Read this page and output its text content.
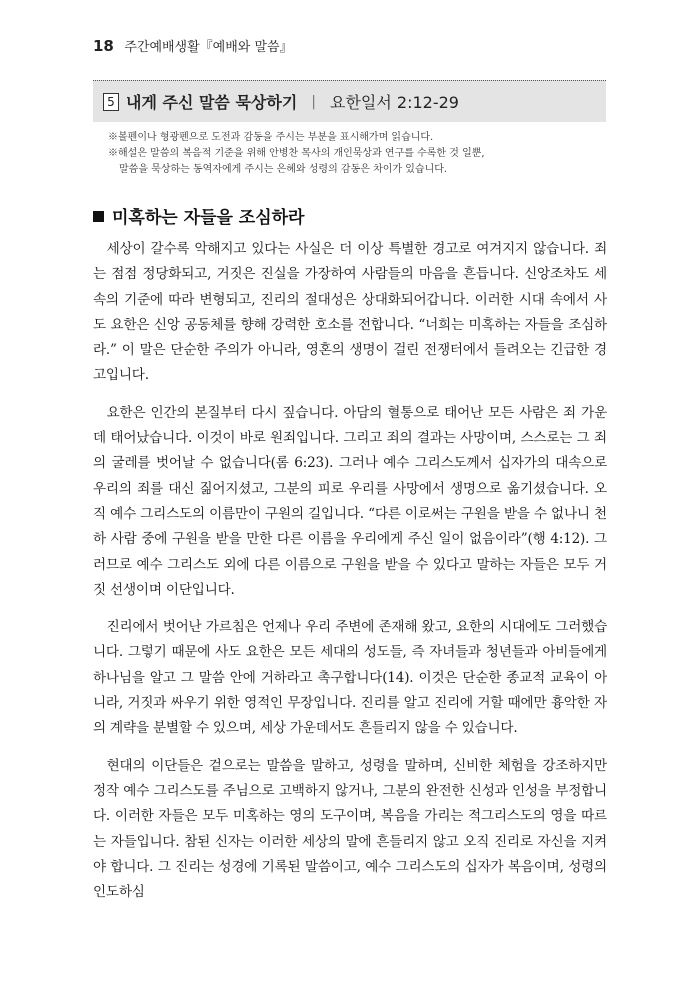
18 주간예배생활『예배와 말씀』
5 내게 주신 말씀 묵상하기 | 요한일서 2:12-29
※볼펜이나 형광펜으로 도전과 감동을 주시는 부분을 표시해가며 읽습니다.
※해설은 말씀의 복음적 기준을 위해 안병찬 목사의 개인묵상과 연구를 수록한 것 일뿐,
말씀을 묵상하는 동역자에게 주시는 은혜와 성령의 감동은 차이가 있습니다.
미혹하는 자들을 조심하라

세상이 갈수록 악해지고 있다는 사실은 더 이상 특별한 경고로 여겨지지 않습니다. 죄는 점점 정당화되고, 거짓은 진실을 가장하여 사람들의 마음을 흔듭니다. 신앙조차도 세속의 기준에 따라 변형되고, 진리의 절대성은 상대화되어갑니다. 이러한 시대 속에서 사도 요한은 신앙 공동체를 향해 강력한 호소를 전합니다. “너희는 미혹하는 자들을 조심하라.” 이 말은 단순한 주의가 아니라, 영혼의 생명이 걸린 전쟁터에서 들려오는 긴급한 경고입니다.

요한은 인간의 본질부터 다시 짚습니다. 아담의 혈통으로 태어난 모든 사람은 죄 가운데 태어났습니다. 이것이 바로 원죄입니다. 그리고 죄의 결과는 사망이며, 스스로는 그 죄의 굴레를 벗어날 수 없습니다(롬 6:23). 그러나 예수 그리스도께서 십자가의 대속으로 우리의 죄를 대신 짊어지셨고, 그분의 피로 우리를 사망에서 생명으로 옮기셨습니다. 오직 예수 그리스도의 이름만이 구원의 길입니다. “다른 이로써는 구원을 받을 수 없나니 천하 사람 중에 구원을 받을 만한 다른 이름을 우리에게 주신 일이 없음이라”(행 4:12). 그러므로 예수 그리스도 외에 다른 이름으로 구원을 받을 수 있다고 말하는 자들은 모두 거짓 선생이며 이단입니다.

진리에서 벗어난 가르침은 언제나 우리 주변에 존재해 왔고, 요한의 시대에도 그러했습니다. 그렇기 때문에 사도 요한은 모든 세대의 성도들, 즉 자녀들과 청년들과 아비들에게 하나님을 알고 그 말씀 안에 거하라고 촉구합니다(14). 이것은 단순한 종교적 교육이 아니라, 거짓과 싸우기 위한 영적인 무장입니다. 진리를 알고 진리에 거할 때에만 흉악한 자의 계략을 분별할 수 있으며, 세상 가운데서도 흔들리지 않을 수 있습니다.

현대의 이단들은 겉으로는 말씀을 말하고, 성령을 말하며, 신비한 체험을 강조하지만 정작 예수 그리스도를 주님으로 고백하지 않거나, 그분의 완전한 신성과 인성을 부정합니다. 이러한 자들은 모두 미혹하는 영의 도구이며, 복음을 가리는 적그리스도의 영을 따르는 자들입니다. 참된 신자는 이러한 세상의 말에 흔들리지 않고 오직 진리로 자신을 지켜야 합니다. 그 진리는 성경에 기록된 말씀이고, 예수 그리스도의 십자가 복음이며, 성령의 인도하심
